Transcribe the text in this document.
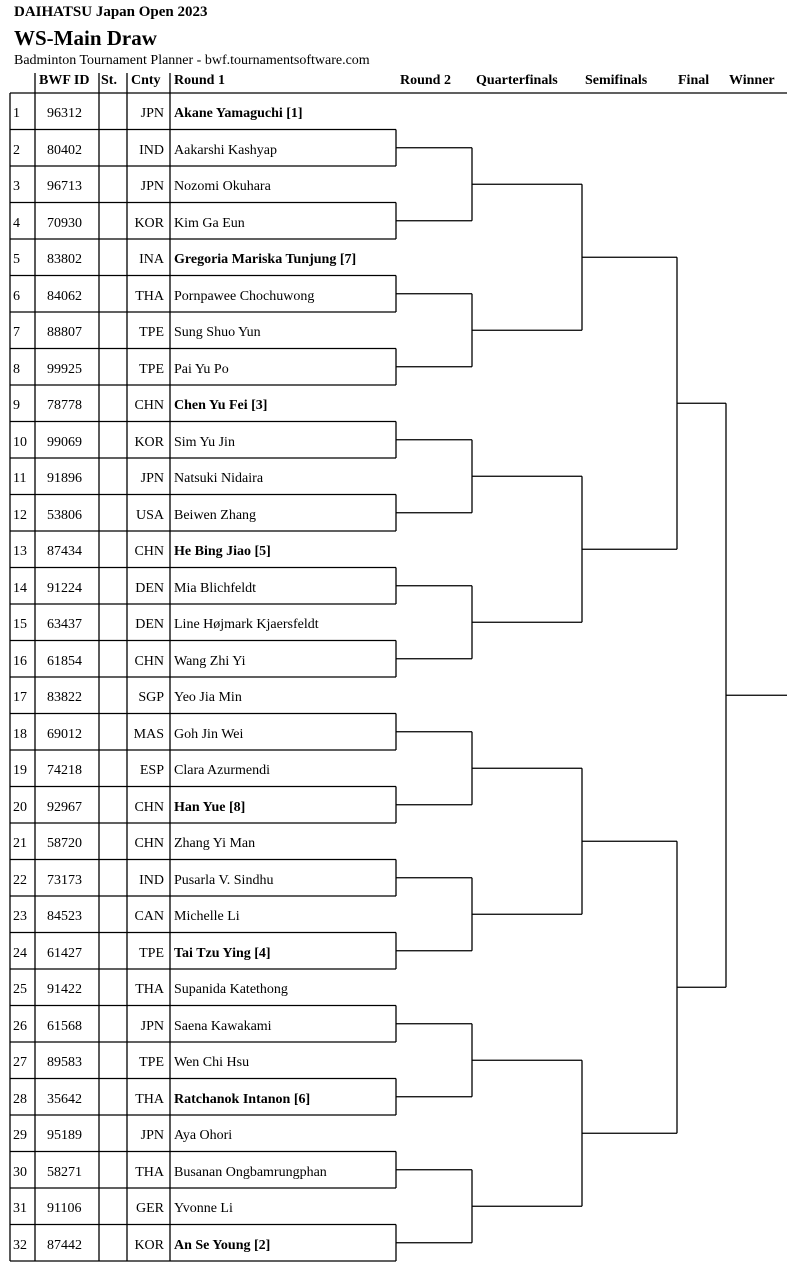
DAIHATSU Japan Open 2023
WS-Main Draw
Badminton Tournament Planner - bwf.tournamentsoftware.com
BWF ID St. Cnty Round 1	Round 2 Quarterfinals Semifinals Final Winner
1 96312	JPN Akane Yamaguchi [1]
2 80402	IND Aakarshi Kashyap
3 96713	JPN Nozomi Okuhara
4 70930	KOR Kim Ga Eun
5 83802	INA Gregoria Mariska Tunjung [7]
6 84062	THA Pornpawee Chochuwong
7 88807	TPE Sung Shuo Yun
8 99925	TPE Pai Yu Po
9 78778	CHN Chen Yu Fei [3]
10 99069	KOR Sim Yu Jin
11 91896	JPN Natsuki Nidaira
12 53806	USA Beiwen Zhang
13 87434	CHN He Bing Jiao [5]
14 91224	DEN Mia Blichfeldt
15 63437	DEN Line Højmark Kjaersfeldt
16 61854	CHN Wang Zhi Yi
17 83822	SGP Yeo Jia Min
18 69012	MAS Goh Jin Wei
19 74218	ESP Clara Azurmendi
20 92967	CHN Han Yue [8]
21 58720	CHN Zhang Yi Man
22 73173	IND Pusarla V. Sindhu
23 84523	CAN Michelle Li
24 61427	TPE Tai Tzu Ying [4]
25 91422	THA Supanida Katethong
26 61568	JPN Saena Kawakami
27 89583	TPE Wen Chi Hsu
28 35642	THA Ratchanok Intanon [6]
29 95189	JPN Aya Ohori
30 58271	THA Busanan Ongbamrungphan
31 91106	GER Yvonne Li
32 87442	KOR An Se Young [2]
